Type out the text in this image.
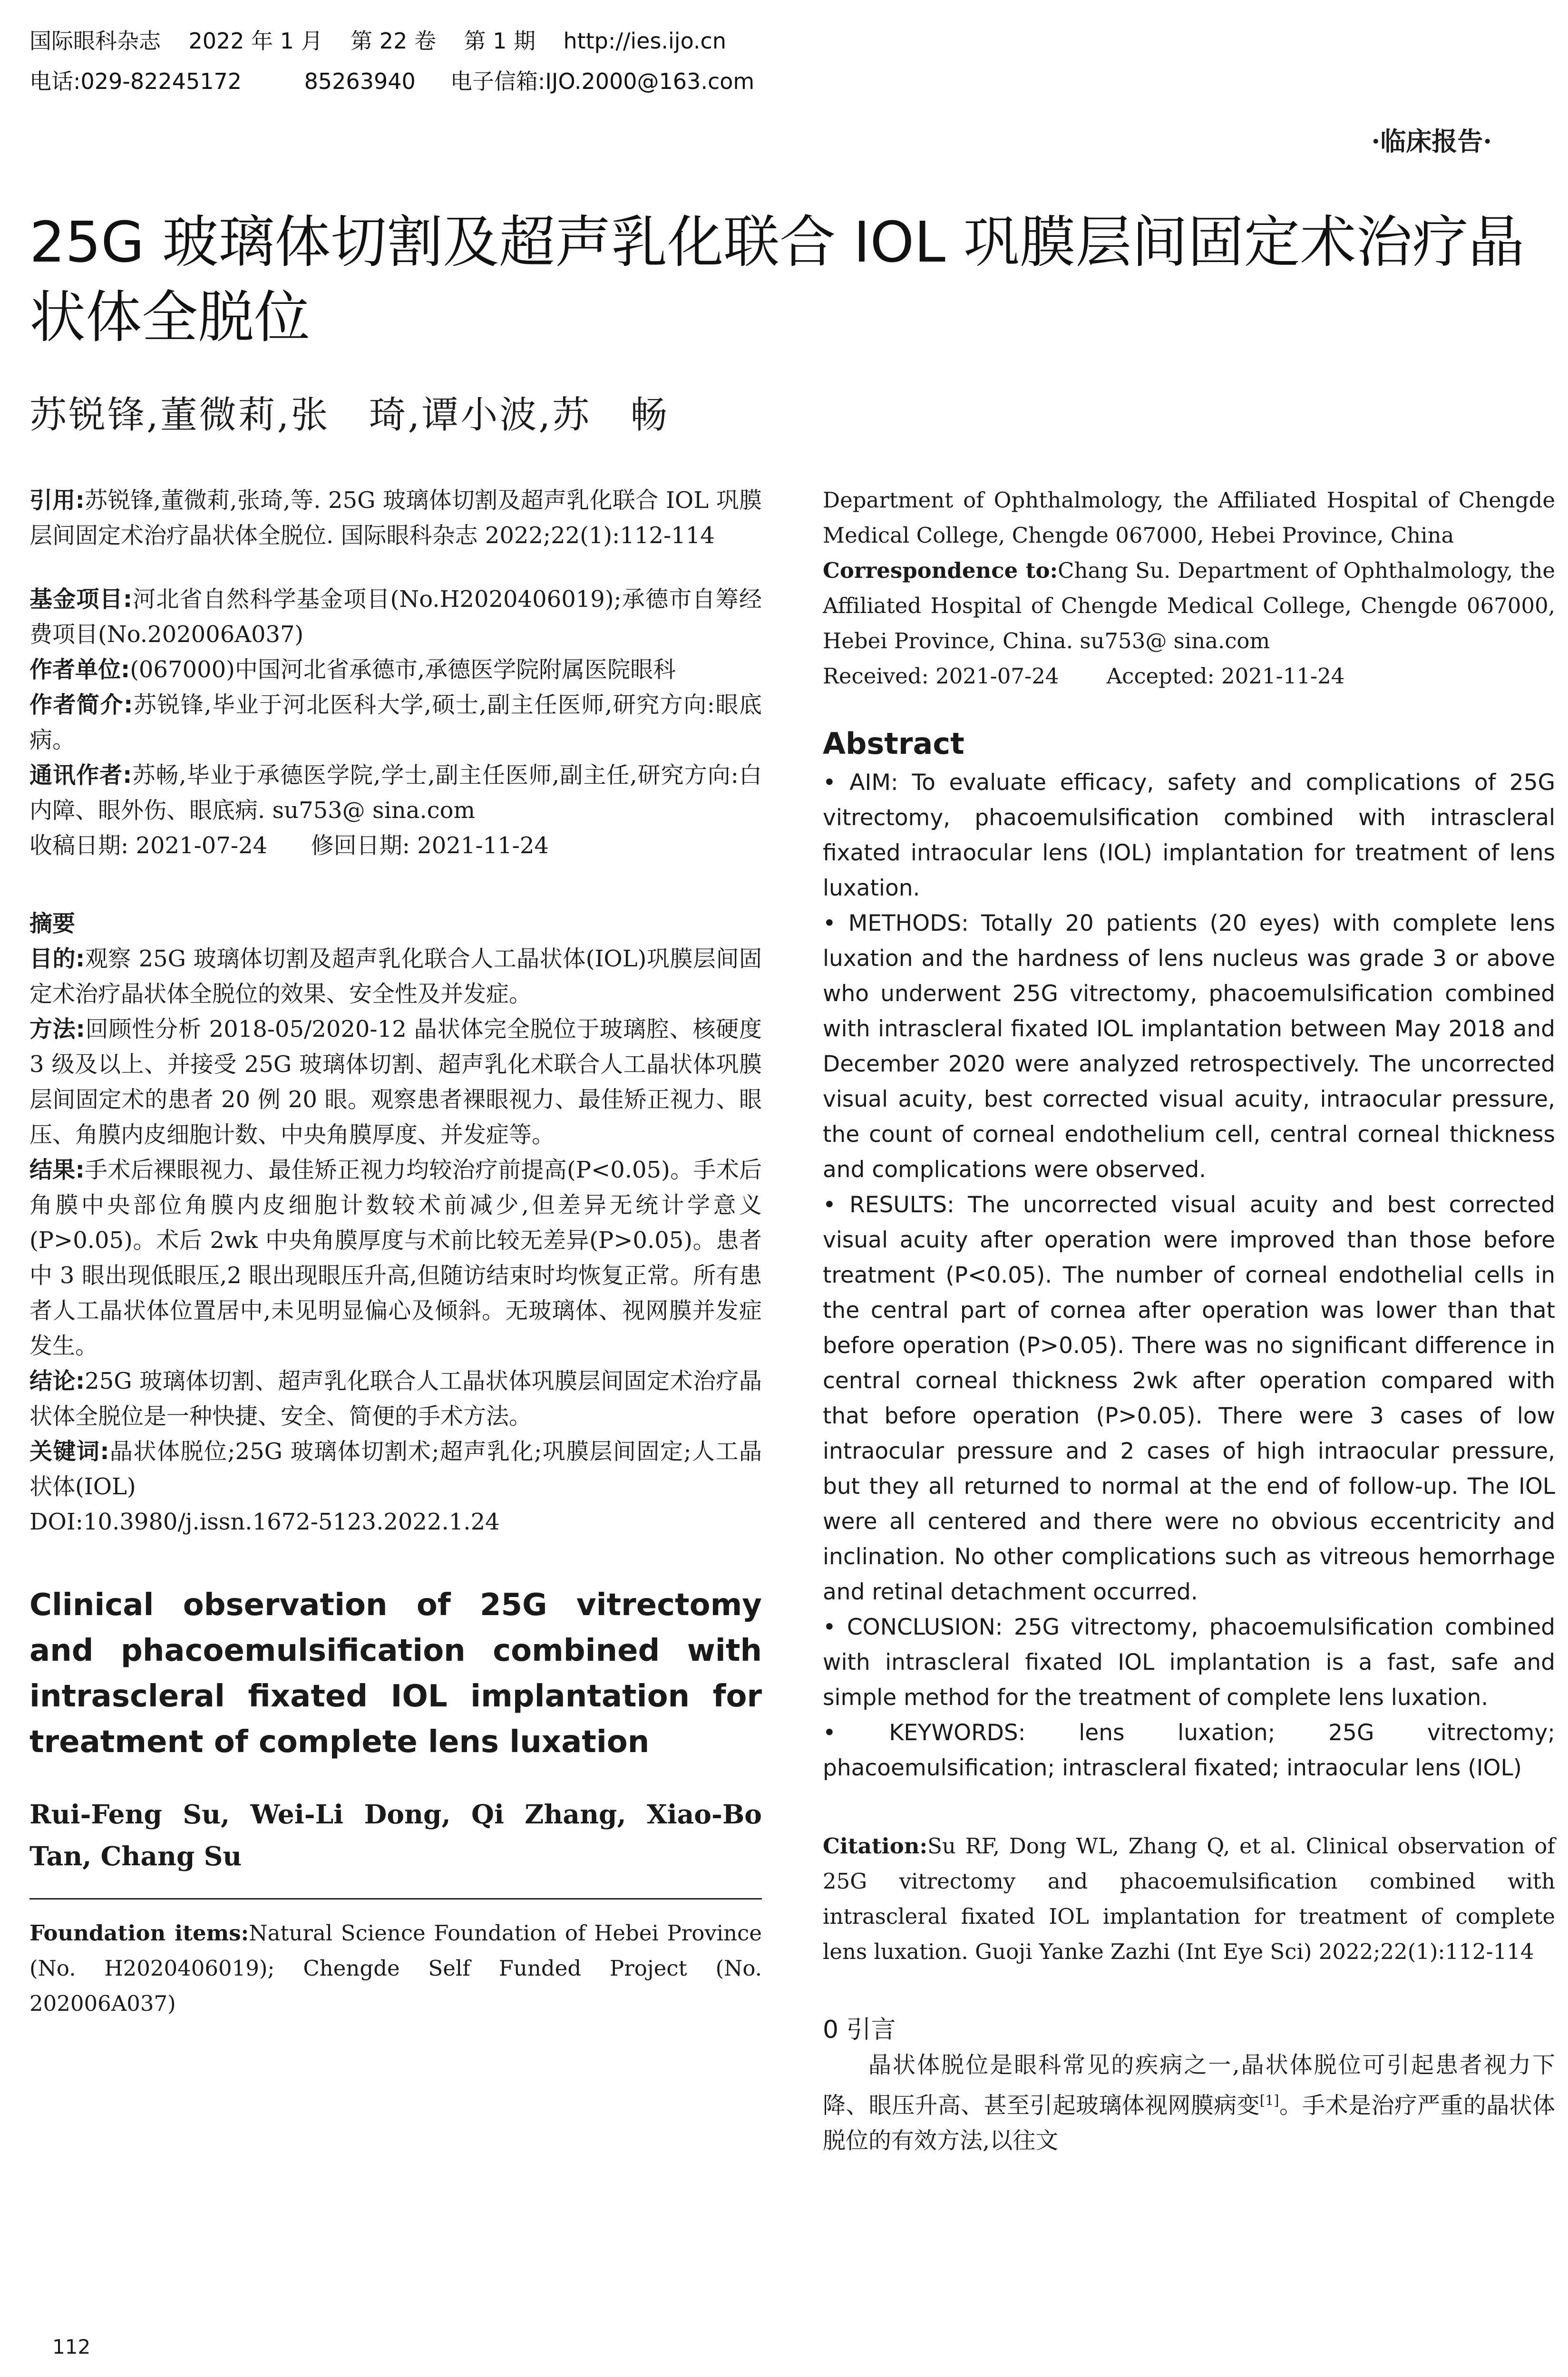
国际眼科杂志    2022 年 1 月    第 22 卷    第 1 期    http://ies.ijo.cn
电话:029-82245172         85263940     电子信箱:IJO.2000@163.com
·临床报告·
25G 玻璃体切割及超声乳化联合 IOL 巩膜层间固定术治疗晶状体全脱位
苏锐锋,董微莉,张　琦,谭小波,苏　畅

引用:苏锐锋,董微莉,张琦,等. 25G 玻璃体切割及超声乳化联合 IOL 巩膜层间固定术治疗晶状体全脱位. 国际眼科杂志 2022;22(1):112-114

基金项目:河北省自然科学基金项目(No.H2020406019);承德市自筹经费项目(No.202006A037)

作者单位:(067000)中国河北省承德市,承德医学院附属医院眼科

作者简介:苏锐锋,毕业于河北医科大学,硕士,副主任医师,研究方向:眼底病。

通讯作者:苏畅,毕业于承德医学院,学士,副主任医师,副主任,研究方向:白内障、眼外伤、眼底病. su753@ sina.com

收稿日期: 2021-07-24      修回日期: 2021-11-24

摘要

目的:观察 25G 玻璃体切割及超声乳化联合人工晶状体(IOL)巩膜层间固定术治疗晶状体全脱位的效果、安全性及并发症。

方法:回顾性分析 2018-05/2020-12 晶状体完全脱位于玻璃腔、核硬度 3 级及以上、并接受 25G 玻璃体切割、超声乳化术联合人工晶状体巩膜层间固定术的患者 20 例 20 眼。观察患者裸眼视力、最佳矫正视力、眼压、角膜内皮细胞计数、中央角膜厚度、并发症等。

结果:手术后裸眼视力、最佳矫正视力均较治疗前提高(P<0.05)。手术后角膜中央部位角膜内皮细胞计数较术前减少,但差异无统计学意义(P>0.05)。术后 2wk 中央角膜厚度与术前比较无差异(P>0.05)。患者中 3 眼出现低眼压,2 眼出现眼压升高,但随访结束时均恢复正常。所有患者人工晶状体位置居中,未见明显偏心及倾斜。无玻璃体、视网膜并发症发生。

结论:25G 玻璃体切割、超声乳化联合人工晶状体巩膜层间固定术治疗晶状体全脱位是一种快捷、安全、简便的手术方法。

关键词:晶状体脱位;25G 玻璃体切割术;超声乳化;巩膜层间固定;人工晶状体(IOL)

DOI:10.3980/j.issn.1672-5123.2022.1.24

Clinical observation of 25G vitrectomy and phacoemulsification combined with intrascleral fixated IOL implantation for treatment of complete lens luxation

Rui-Feng Su, Wei-Li Dong, Qi Zhang, Xiao-Bo Tan, Chang Su

Foundation items:Natural Science Foundation of Hebei Province (No. H2020406019); Chengde Self Funded Project (No. 202006A037)

Department of Ophthalmology, the Affiliated Hospital of Chengde Medical College, Chengde 067000, Hebei Province, China

Correspondence to:Chang Su. Department of Ophthalmology, the Affiliated Hospital of Chengde Medical College, Chengde 067000, Hebei Province, China. su753@ sina.com

Received: 2021-07-24       Accepted: 2021-11-24

Abstract

• AIM: To evaluate efficacy, safety and complications of 25G vitrectomy, phacoemulsification combined with intrascleral fixated intraocular lens (IOL) implantation for treatment of lens luxation.

• METHODS: Totally 20 patients (20 eyes) with complete lens luxation and the hardness of lens nucleus was grade 3 or above who underwent 25G vitrectomy, phacoemulsification combined with intrascleral fixated IOL implantation between May 2018 and December 2020 were analyzed retrospectively. The uncorrected visual acuity, best corrected visual acuity, intraocular pressure, the count of corneal endothelium cell, central corneal thickness and complications were observed.

• RESULTS: The uncorrected visual acuity and best corrected visual acuity after operation were improved than those before treatment (P<0.05). The number of corneal endothelial cells in the central part of cornea after operation was lower than that before operation (P>0.05). There was no significant difference in central corneal thickness 2wk after operation compared with that before operation (P>0.05). There were 3 cases of low intraocular pressure and 2 cases of high intraocular pressure, but they all returned to normal at the end of follow-up. The IOL were all centered and there were no obvious eccentricity and inclination. No other complications such as vitreous hemorrhage and retinal detachment occurred.

• CONCLUSION: 25G vitrectomy, phacoemulsification combined with intrascleral fixated IOL implantation is a fast, safe and simple method for the treatment of complete lens luxation.

• KEYWORDS: lens luxation; 25G vitrectomy; phacoemulsification; intrascleral fixated; intraocular lens (IOL)

Citation:Su RF, Dong WL, Zhang Q, et al. Clinical observation of 25G vitrectomy and phacoemulsification combined with intrascleral fixated IOL implantation for treatment of complete lens luxation. Guoji Yanke Zazhi (Int Eye Sci) 2022;22(1):112-114

0 引言

晶状体脱位是眼科常见的疾病之一,晶状体脱位可引起患者视力下降、眼压升高、甚至引起玻璃体视网膜病变[1]。手术是治疗严重的晶状体脱位的有效方法,以往文

112
